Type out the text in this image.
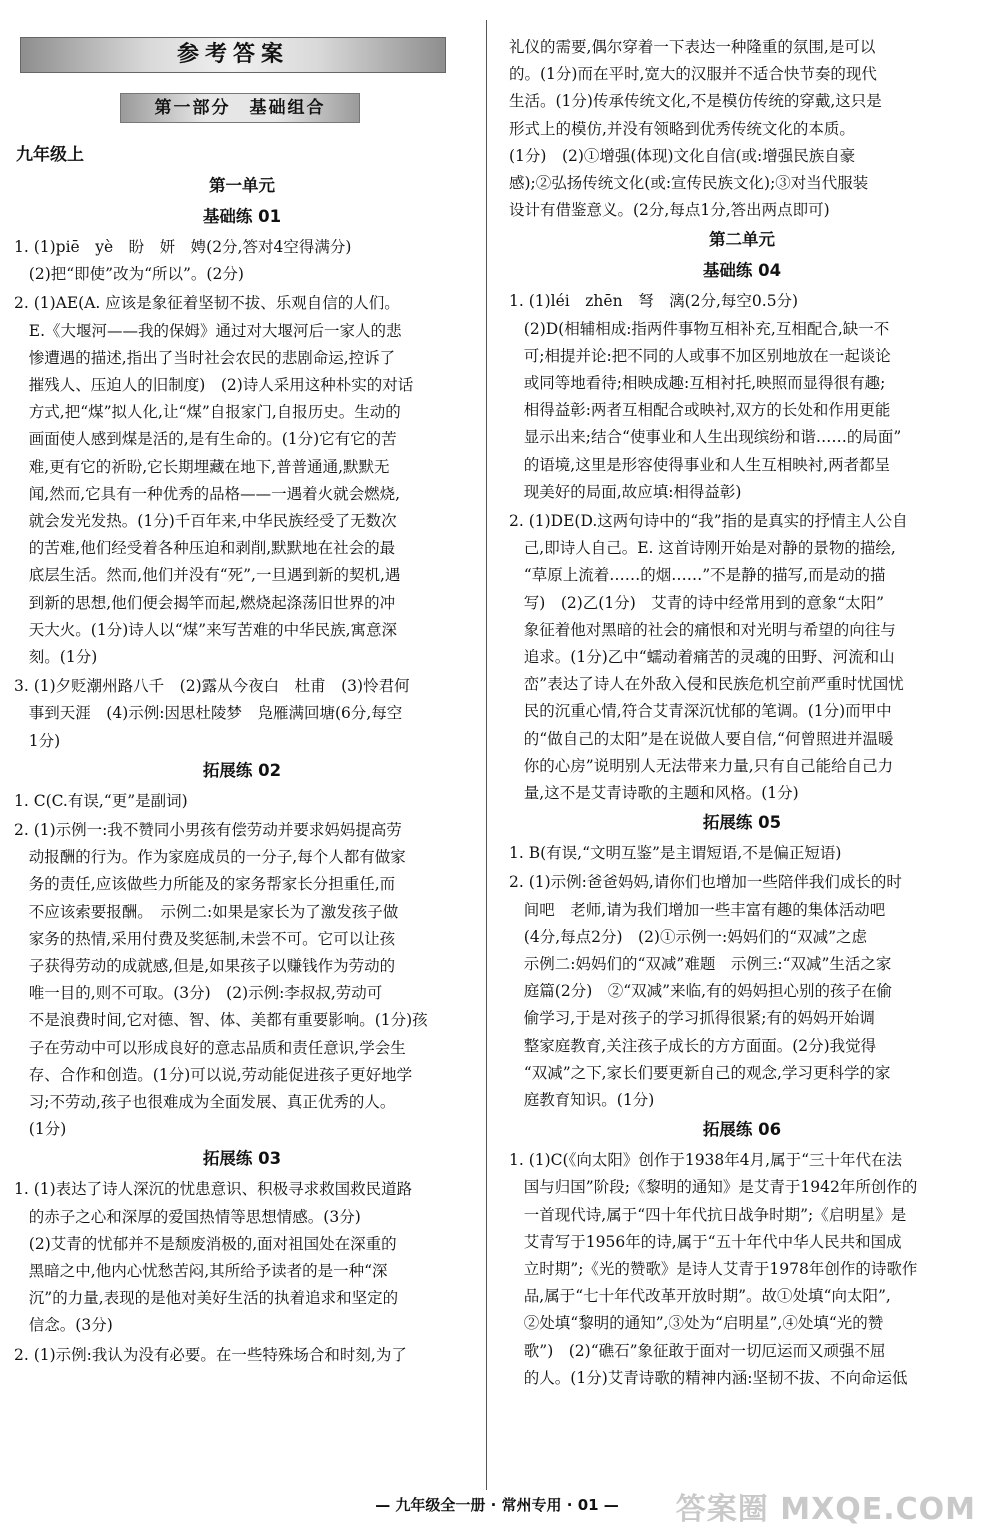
参考答案
第一部分　基础组合
九年级上
第一单元
基础练 01

1. (1)piē　yè　盼　妍　娉(2分,答对4空得满分)
(2)把“即使”改为“所以”。(2分)

2. (1)AE(A. 应该是象征着坚韧不拔、乐观自信的人们。
E.《大堰河——我的保姆》通过对大堰河后一家人的悲
惨遭遇的描述,指出了当时社会农民的悲剧命运,控诉了
摧残人、压迫人的旧制度)　(2)诗人采用这种朴实的对话
方式,把“煤”拟人化,让“煤”自报家门,自报历史。生动的
画面使人感到煤是活的,是有生命的。(1分)它有它的苦
难,更有它的祈盼,它长期埋藏在地下,普普通通,默默无
闻,然而,它具有一种优秀的品格——一遇着火就会燃烧,
就会发光发热。(1分)千百年来,中华民族经受了无数次
的苦难,他们经受着各种压迫和剥削,默默地在社会的最
底层生活。然而,他们并没有“死”,一旦遇到新的契机,遇
到新的思想,他们便会揭竿而起,燃烧起涤荡旧世界的冲
天大火。(1分)诗人以“煤”来写苦难的中华民族,寓意深
刻。(1分)

3. (1)夕贬潮州路八千　(2)露从今夜白　杜甫　(3)怜君何
事到天涯　(4)示例:因思杜陵梦　凫雁满回塘(6分,每空
1分)

拓展练 02

1. C(C.有误,“更”是副词)

2. (1)示例一:我不赞同小男孩有偿劳动并要求妈妈提高劳
动报酬的行为。作为家庭成员的一分子,每个人都有做家
务的责任,应该做些力所能及的家务帮家长分担重任,而
不应该索要报酬。　示例二:如果是家长为了激发孩子做
家务的热情,采用付费及奖惩制,未尝不可。它可以让孩
子获得劳动的成就感,但是,如果孩子以赚钱作为劳动的
唯一目的,则不可取。(3分)　(2)示例:李叔叔,劳动可
不是浪费时间,它对德、智、体、美都有重要影响。(1分)孩
子在劳动中可以形成良好的意志品质和责任意识,学会生
存、合作和创造。(1分)可以说,劳动能促进孩子更好地学
习;不劳动,孩子也很难成为全面发展、真正优秀的人。
(1分)

拓展练 03

1. (1)表达了诗人深沉的忧患意识、积极寻求救国救民道路
的赤子之心和深厚的爱国热情等思想情感。(3分)
(2)艾青的忧郁并不是颓废消极的,面对祖国处在深重的
黑暗之中,他内心忧愁苦闷,其所给予读者的是一种“深
沉”的力量,表现的是他对美好生活的执着追求和坚定的
信念。(3分)

2. (1)示例:我认为没有必要。在一些特殊场合和时刻,为了

礼仪的需要,偶尔穿着一下表达一种隆重的氛围,是可以
的。(1分)而在平时,宽大的汉服并不适合快节奏的现代
生活。(1分)传承传统文化,不是模仿传统的穿戴,这只是
形式上的模仿,并没有领略到优秀传统文化的本质。
(1分)　(2)①增强(体现)文化自信(或:增强民族自豪
感);②弘扬传统文化(或:宣传民族文化);③对当代服装
设计有借鉴意义。(2分,每点1分,答出两点即可)

第二单元
基础练 04

1. (1)léi　zhēn　弩　漓(2分,每空0.5分)
(2)D(相辅相成:指两件事物互相补充,互相配合,缺一不
可;相提并论:把不同的人或事不加区别地放在一起谈论
或同等地看待;相映成趣:互相衬托,映照而显得很有趣;
相得益彰:两者互相配合或映衬,双方的长处和作用更能
显示出来;结合“使事业和人生出现缤纷和谐……的局面”
的语境,这里是形容使得事业和人生互相映衬,两者都呈
现美好的局面,故应填:相得益彰)

2. (1)DE(D.这两句诗中的“我”指的是真实的抒情主人公自
己,即诗人自己。E. 这首诗刚开始是对静的景物的描绘,
“草原上流着……的烟……”不是静的描写,而是动的描
写)　(2)乙(1分)　艾青的诗中经常用到的意象“太阳”
象征着他对黑暗的社会的痛恨和对光明与希望的向往与
追求。(1分)乙中“蠕动着痛苦的灵魂的田野、河流和山
峦”表达了诗人在外敌入侵和民族危机空前严重时忧国忧
民的沉重心情,符合艾青深沉忧郁的笔调。(1分)而甲中
的“做自己的太阳”是在说做人要自信,“何曾照进并温暖
你的心房”说明别人无法带来力量,只有自己能给自己力
量,这不是艾青诗歌的主题和风格。(1分)

拓展练 05

1. B(有误,“文明互鉴”是主谓短语,不是偏正短语)

2. (1)示例:爸爸妈妈,请你们也增加一些陪伴我们成长的时
间吧　老师,请为我们增加一些丰富有趣的集体活动吧
(4分,每点2分)　(2)①示例一:妈妈们的“双减”之虑
示例二:妈妈们的“双减”难题　示例三:“双减”生活之家
庭篇(2分)　②“双减”来临,有的妈妈担心别的孩子在偷
偷学习,于是对孩子的学习抓得很紧;有的妈妈开始调
整家庭教育,关注孩子成长的方方面面。(2分)我觉得
“双减”之下,家长们要更新自己的观念,学习更科学的家
庭教育知识。(1分)

拓展练 06

1. (1)C(《向太阳》创作于1938年4月,属于“三十年代在法
国与归国”阶段;《黎明的通知》是艾青于1942年所创作的
一首现代诗,属于“四十年代抗日战争时期”;《启明星》是
艾青写于1956年的诗,属于“五十年代中华人民共和国成
立时期”;《光的赞歌》是诗人艾青于1978年创作的诗歌作
品,属于“七十年代改革开放时期”。故①处填“向太阳”,
②处填“黎明的通知”,③处为“启明星”,④处填“光的赞
歌”)　(2)“礁石”象征敢于面对一切厄运而又顽强不屈
的人。(1分)艾青诗歌的精神内涵:坚韧不拔、不向命运低

— 九年级全一册 · 常州专用 · 01 —	答案圈 MXQE.COM
